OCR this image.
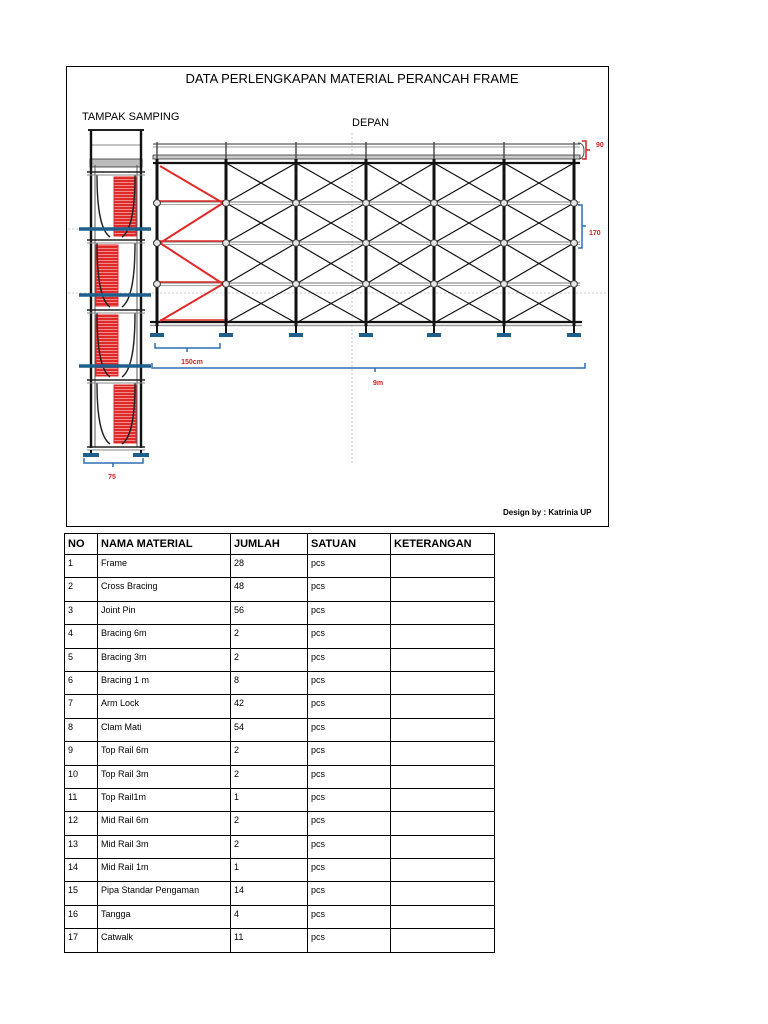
90
170
150cm
9m
75
DATA PERLENGKAPAN MATERIAL PERANCAH FRAME
TAMPAK SAMPING	DEPAN
Design by : Katrinia UP
NO	NAMA MATERIAL	JUMLAH	SATUAN	KETERANGAN
1	Frame	28	pcs	
2	Cross Bracing	48	pcs	
3	Joint Pin	56	pcs	
4	Bracing 6m	2	pcs	
5	Bracing 3m	2	pcs	
6	Bracing 1 m	8	pcs	
7	Arm Lock	42	pcs	
8	Clam Mati	54	pcs	
9	Top Rail 6m	2	pcs	
10	Top Rail 3m	2	pcs	
11	Top Rail1m	1	pcs	
12	Mid Rail 6m	2	pcs	
13	Mid Rail 3m	2	pcs	
14	Mid Rail 1m	1	pcs	
15	Pipa Standar Pengaman	14	pcs	
16	Tangga	4	pcs	
17	Catwalk	11	pcs	
